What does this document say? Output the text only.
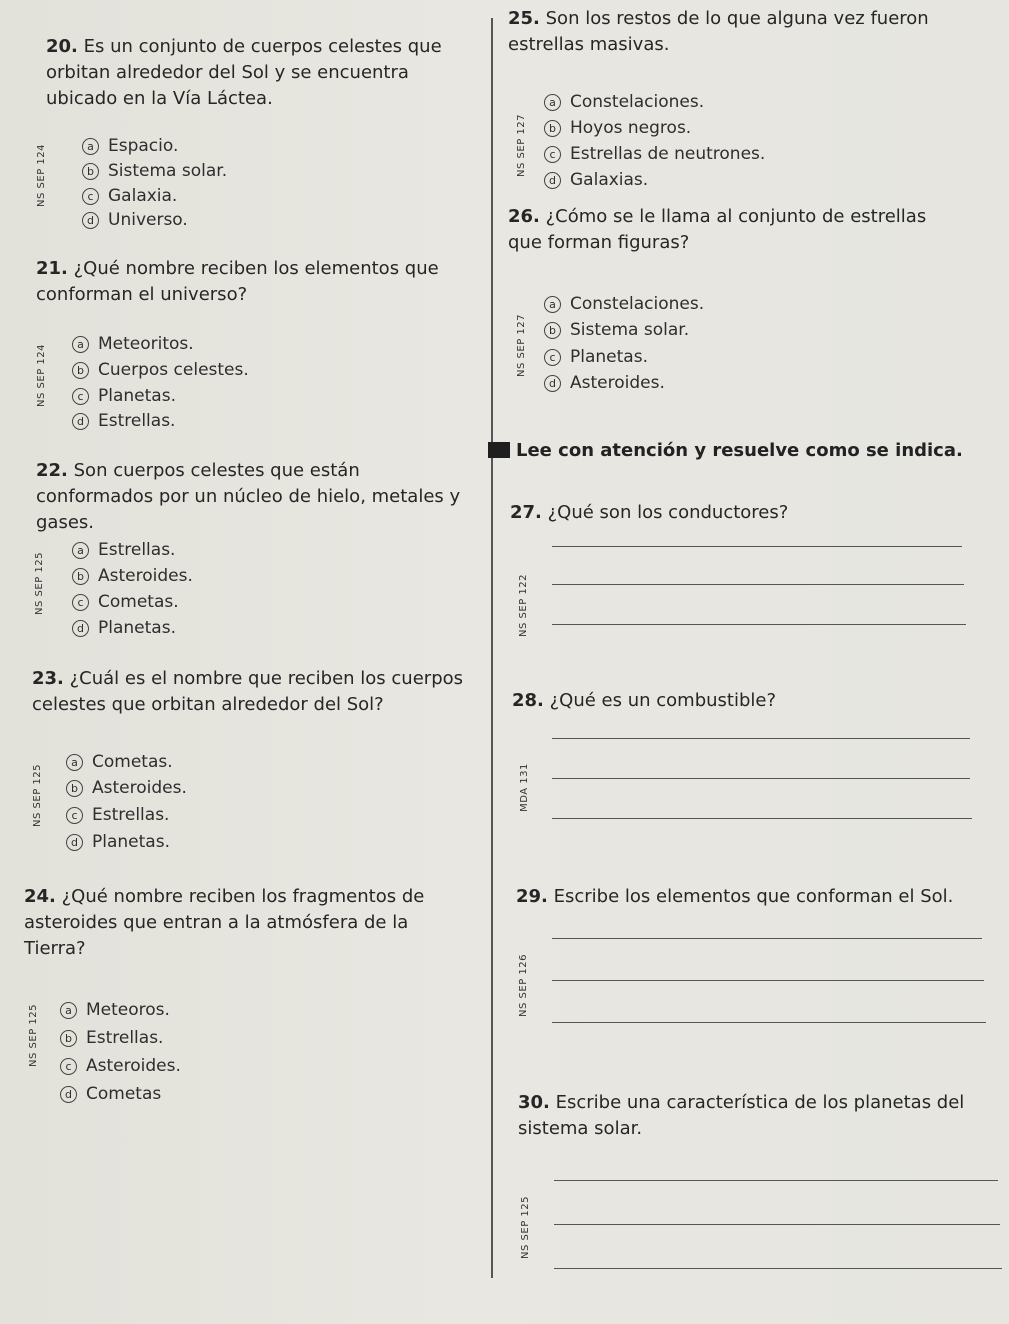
20. Es un conjunto de cuerpos celestes que orbitan alrededor del Sol y se encuentra ubicado en la Vía Láctea.
NS SEP 124	a Espacio.
b Sistema solar.
c Galaxia.
d Universo.
21. ¿Qué nombre reciben los elementos que conforman el universo?
NS SEP 124	a Meteoritos.
b Cuerpos celestes.
c Planetas.
d Estrellas.
22. Son cuerpos celestes que están conformados por un núcleo de hielo, metales y gases.
NS SEP 125
a Estrellas.
b Asteroides.
c Cometas.
d Planetas.
23. ¿Cuál es el nombre que reciben los cuerpos celestes que orbitan alrededor del Sol?
NS SEP 125
a Cometas.
b Asteroides.
c Estrellas.
d Planetas.
24. ¿Qué nombre reciben los fragmentos de asteroides que entran a la atmósfera de la Tierra?
NS SEP 125	a Meteoros.
b Estrellas.
c Asteroides.
d Cometas
25. Son los restos de lo que alguna vez fueron estrellas masivas.
NS SEP 127
a Constelaciones.
b Hoyos negros.
c Estrellas de neutrones.
d Galaxias.
26. ¿Cómo se le llama al conjunto de estrellas que forman figuras?
NS SEP 127
a Constelaciones.
b Sistema solar.
c Planetas.
d Asteroides.
Lee con atención y resuelve como se indica.
27. ¿Qué son los conductores?
NS SEP 122
28. ¿Qué es un combustible?
MDA 131
29. Escribe los elementos que conforman el Sol.
NS SEP 126
30. Escribe una característica de los planetas del sistema solar.
NS SEP 125
